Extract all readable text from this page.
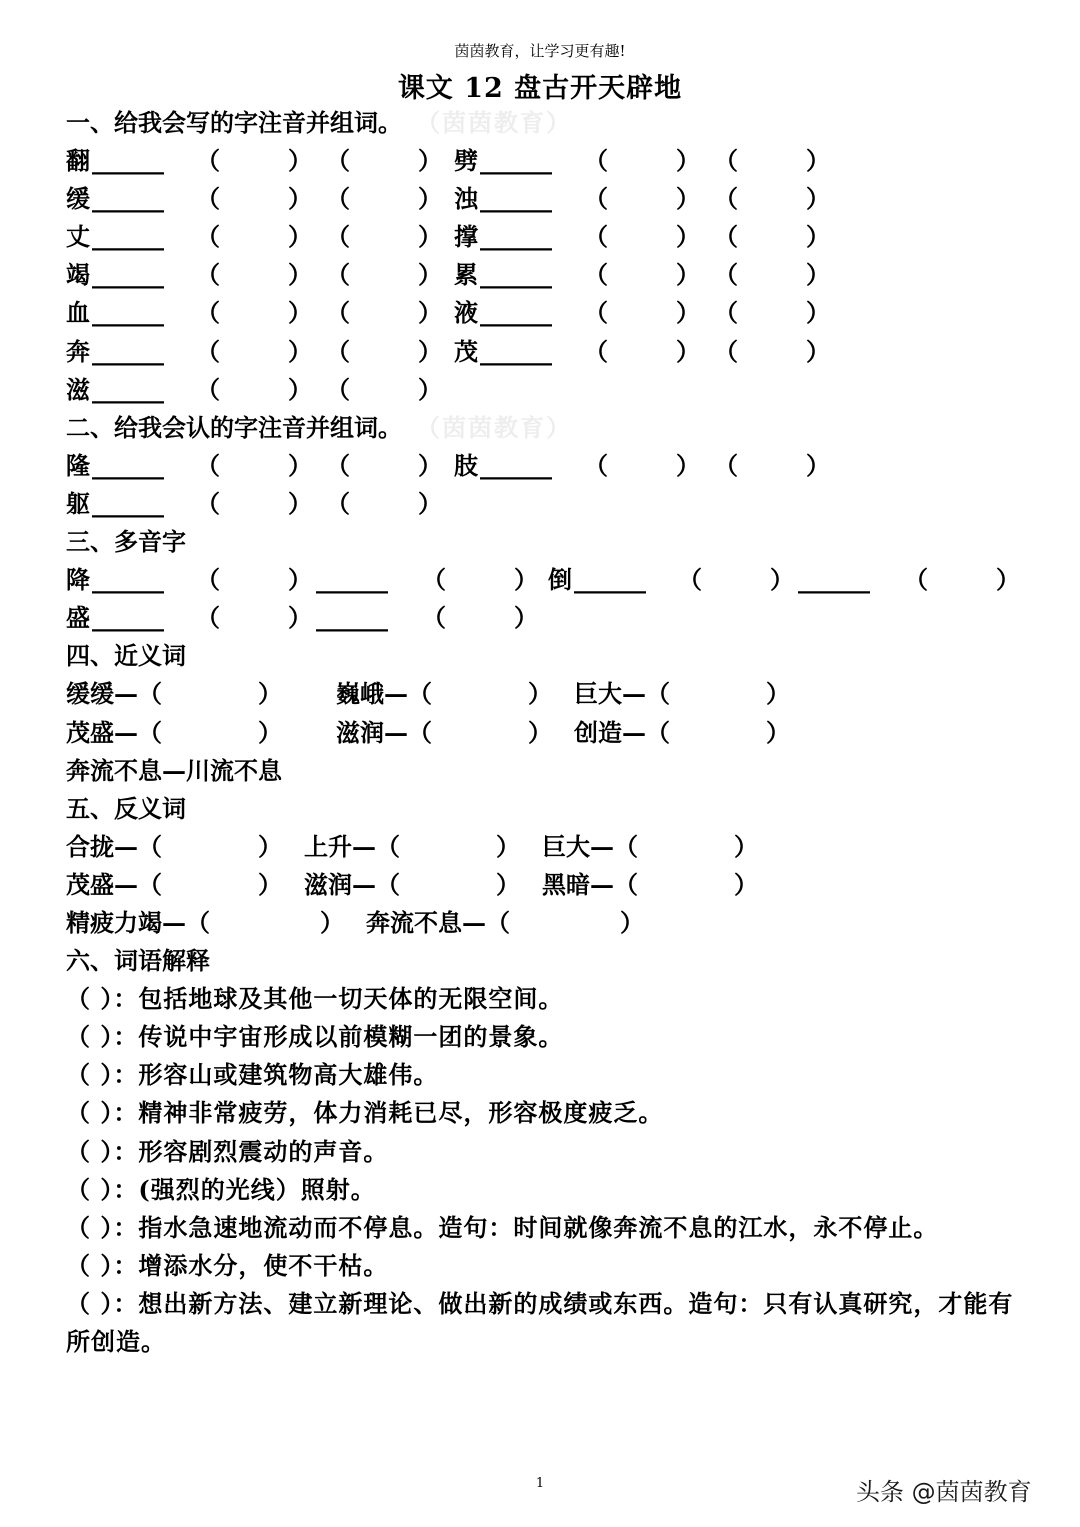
茵茵教育，让学习更有趣!
课文 12 盘古开天辟地
一、给我会写的字注音并组词。 （茵茵教育）
翻 ______ （	） （	） 劈 ______ （	） （	）
缓 ______ （	） （	） 浊 ______ （	） （	）
丈 ______ （	） （	） 撑 ______ （	） （	）
竭 ______ （	） （	） 累 ______ （	） （	）
血 ______ （	） （	） 液 ______ （	） （	）
奔 ______ （	） （	） 茂 ______ （	） （	）
滋 ______ （	） （	）
二、给我会认的字注音并组词。 （茵茵教育）
隆 ______ （	） （	） 肢 ______ （	） （	）
躯 ______ （	） （	）
三、多音字
降 ______ （	） ______ （	） 倒 ______ （	） ______ （	）
盛 ______ （	） ______ （	）
四、近义词
缓缓—（	） 巍峨—（	） 巨大—（	）
茂盛—（	） 滋润—（	） 创造—（	）
奔流不息—川流不息
五、反义词
合拢—（	） 上升—（	） 巨大—（	）
茂盛—（	） 滋润—（	） 黑暗—（	）
精疲力竭—（	） 奔流不息—（	）
六、词语解释
（ ）：包括地球及其他一切天体的无限空间。
（ ）：传说中宇宙形成以前模糊一团的景象。
（ ）：形容山或建筑物高大雄伟。
（ ）：精神非常疲劳，体力消耗已尽，形容极度疲乏。
（ ）：形容剧烈震动的声音。
（ ）：(强烈的光线）照射。
（ ）：指水急速地流动而不停息。造句：时间就像奔流不息的江水，永不停止。
（ ）：增添水分，使不干枯。
（ ）：想出新方法、建立新理论、做出新的成绩或东西。造句：只有认真研究，才能有所创造。
1	头条 @茵茵教育
